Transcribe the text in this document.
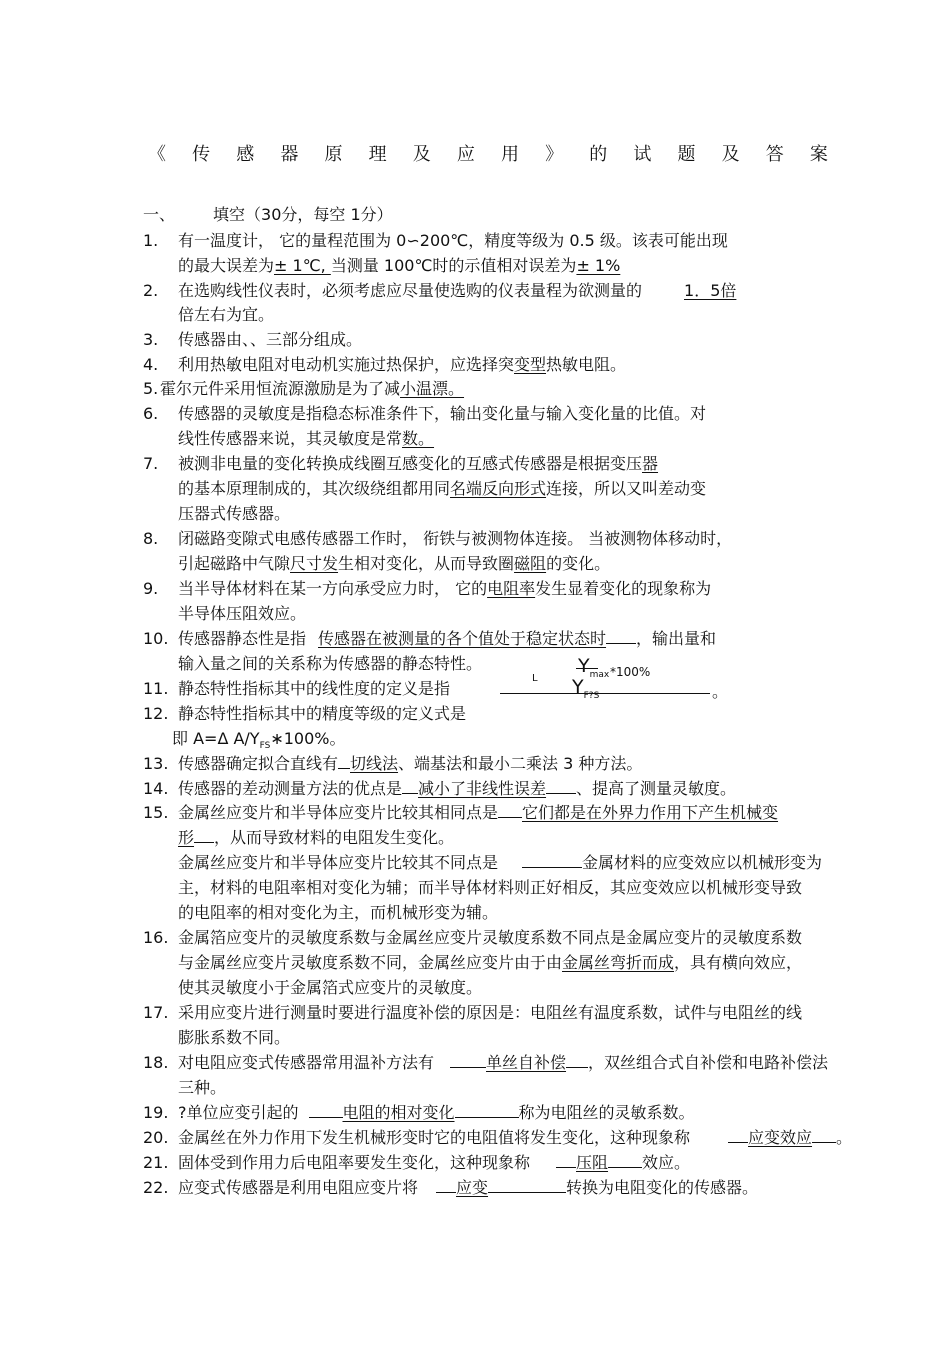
《 传 感 器 原 理 及 应 用 》 的 试 题 及 答 案
一、 填空（30分，每空 1分）
1. 有一温度计， 它的量程范围为 0∽200℃，精度等级为 0.5 级。该表可能出现
的最大误差为± 1℃, 当测量 100℃时的示值相对误差为± 1%
2. 在选购线性仪表时，必须考虑应尽量使选购的仪表量程为欲测量的	1．5倍
倍左右为宜。
3. 传感器由、、三部分组成。
4. 利用热敏电阻对电动机实施过热保护，应选择突变型热敏电阻。
5. 霍尔元件采用恒流源激励是为了减小温漂。
6. 传感器的灵敏度是指稳态标准条件下，输出变化量与输入变化量的比值。对
线性传感器来说，其灵敏度是常数。
7. 被测非电量的变化转换成线圈互感变化的互感式传感器是根据变压器
的基本原理制成的，其次级绕组都用同名端反向形式连接，所以又叫差动变
压器式传感器。
8. 闭磁路变隙式电感传感器工作时， 衔铁与被测物体连接。 当被测物体移动时，
引起磁路中气隙尺寸发生相对变化，从而导致圈磁阻的变化。
9. 当半导体材料在某一方向承受应力时， 它的电阻率发生显着变化的现象称为
半导体压阻效应。
10. 传感器静态性是指 传感器在被测量的各个值处于稳定状态时 ，输出量和
输入量之间的关系称为传感器的静态特性。
11. 静态特性指标其中的线性度的定义是指
$Y_{max}$ *100%
L $Y_{F?S}$	。
12. 静态特性指标其中的精度等级的定义式是
即 A=Δ $A/Y_{FS}∗100\%$。
13. 传感器确定拟合直线有 切线法、端基法和最小二乘法 3 种方法。
14. 传感器的差动测量方法的优点是 减小了非线性误差 、提高了测量灵敏度。
15. 金属丝应变片和半导体应变片比较其相同点是 它们都是在外界力作用下产生机械变
形 ，从而导致材料的电阻发生变化。
金属丝应变片和半导体应变片比较其不同点是	金属材料的应变效应以机械形变为
主，材料的电阻率相对变化为辅；而半导体材料则正好相反，其应变效应以机械形变导致
的电阻率的相对变化为主，而机械形变为辅。
16. 金属箔应变片的灵敏度系数与金属丝应变片灵敏度系数不同点是金属应变片的灵敏度系数
与金属丝应变片灵敏度系数不同，金属丝应变片由于由金属丝弯折而成，具有横向效应，
使其灵敏度小于金属箔式应变片的灵敏度。
17. 采用应变片进行测量时要进行温度补偿的原因是：电阻丝有温度系数，试件与电阻丝的线
膨胀系数不同。
18. 对电阻应变式传感器常用温补方法有	单丝自补偿 ，双丝组合式自补偿和电路补偿法
三种。
19. ?单位应变引起的	电阻的相对变化	称为电阻丝的灵敏系数。
20. 金属丝在外力作用下发生机械形变时它的电阻值将发生变化，这种现象称	应变效应 。
21. 固体受到作用力后电阻率要发生变化，这种现象称	压阻 效应。
22. 应变式传感器是利用电阻应变片将 应变	转换为电阻变化的传感器。
